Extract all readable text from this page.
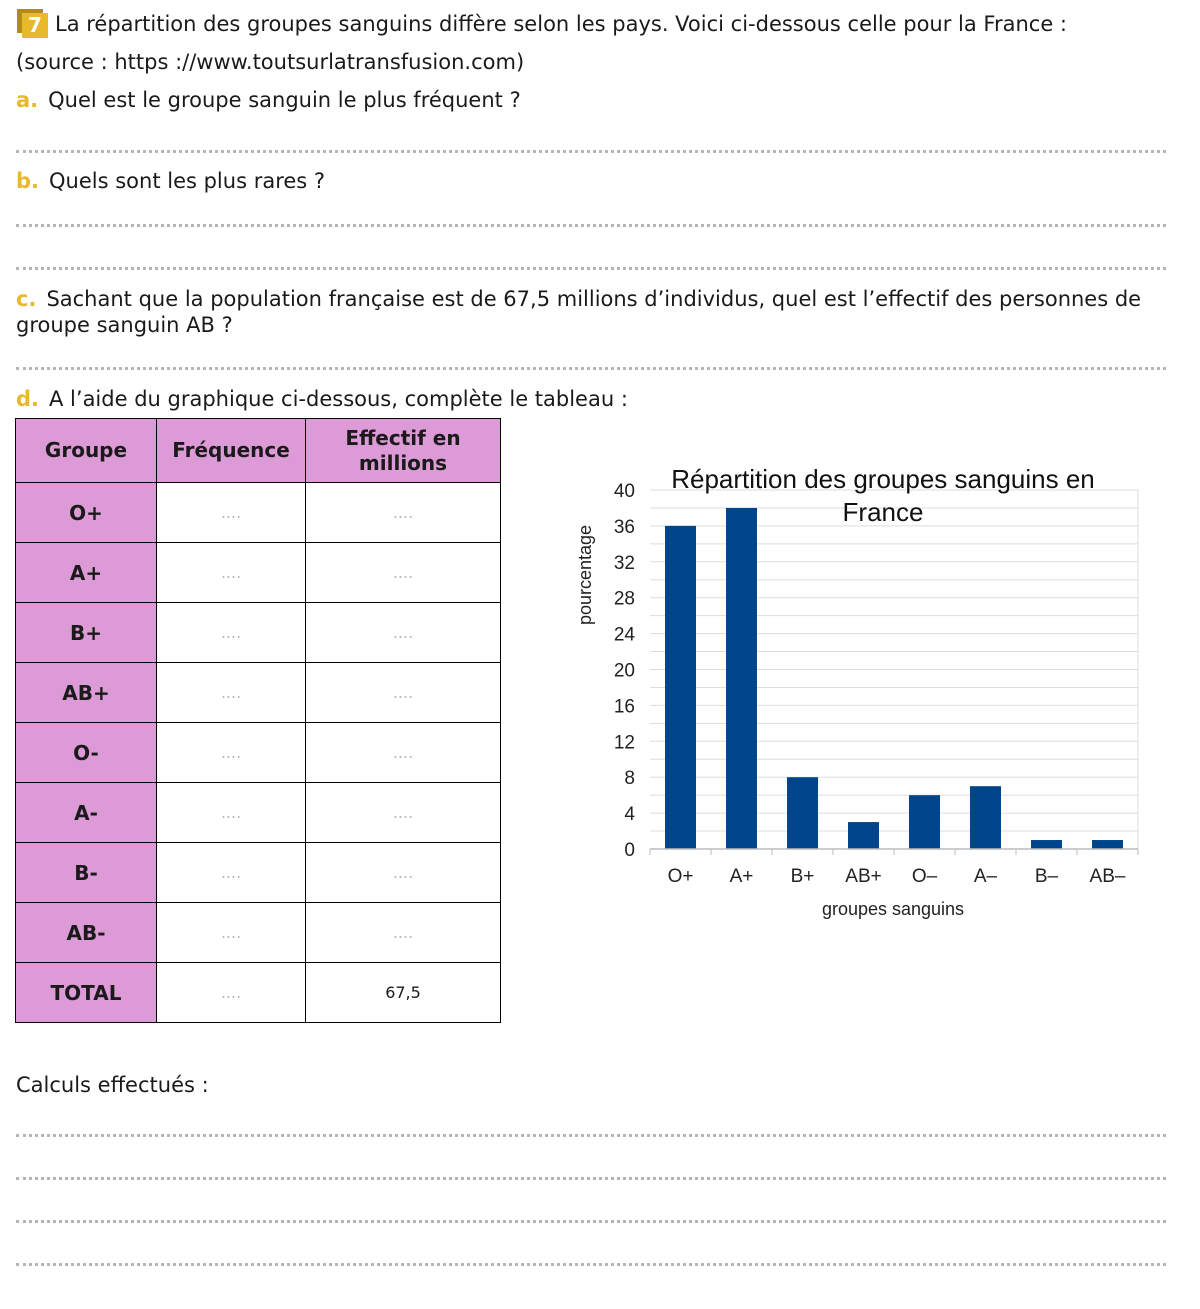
7 La répartition des groupes sanguins diffère selon les pays. Voici ci-dessous celle pour la France :
(source : https ://www.toutsurlatransfusion.com)
a. Quel est le groupe sanguin le plus fréquent ?
b. Quels sont les plus rares ?
c. Sachant que la population française est de 67,5 millions d’individus, quel est l’effectif des personnes de
groupe sanguin AB ?
d. A l’aide du graphique ci-dessous, complète le tableau :
Groupe	Fréquence	Effectif en millions
O+	....	....
A+	....	....
B+	....	....
AB+	....	....
O-	....	....
A-	....	....
B-	....	....
AB-	....	....
TOTAL	....	67,5
0
4
8
12
16
20
24
28
32
36
40
O+ A+ B+ AB+ O– A– B– AB–
Répartition des groupes sanguins en
France
groupes sanguins
pourcentage
Calculs effectués :
